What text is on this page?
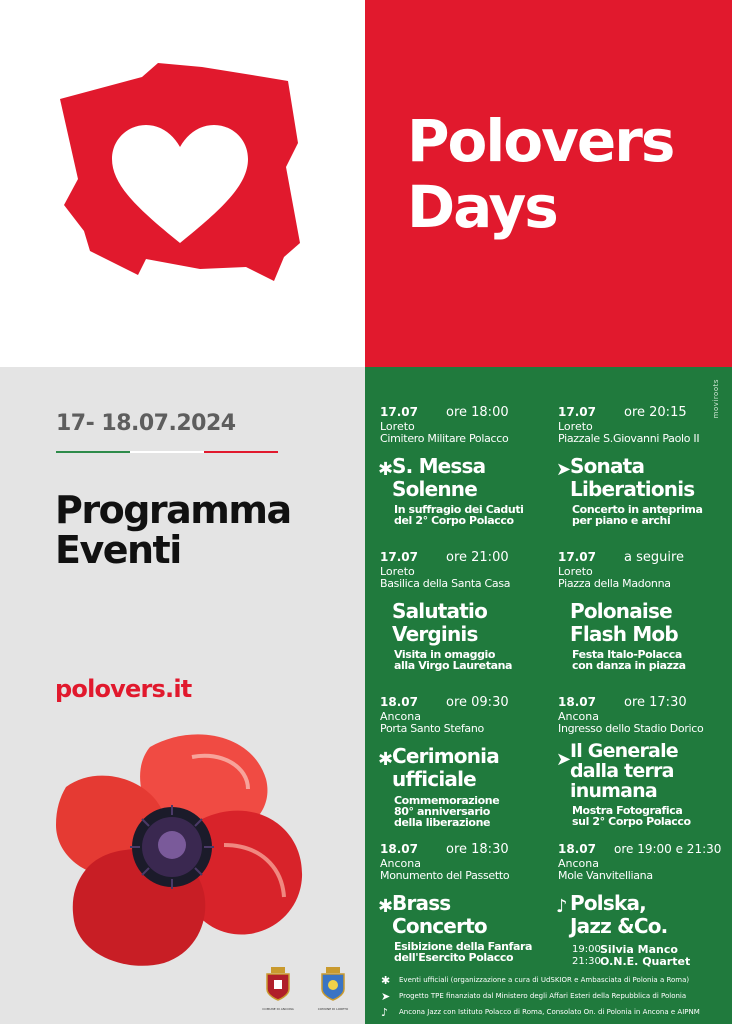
Polovers
Days
17- 18.07.2024
Programma
Eventi
polovers.it
COMUNE DI ANCONA	COMUNE DI LORETO
moviroots
17.07 ore 18:00
Loreto
Cimitero Militare Polacco
✱
S. Messa
Solenne
In suffragio dei Caduti
del 2° Corpo Polacco
17.07 ore 20:15
Loreto
Piazzale S.Giovanni Paolo II
➤
Sonata
Liberationis
Concerto in anteprima
per piano e archi
17.07 ore 21:00
Loreto
Basilica della Santa Casa
Salutatio
Verginis
Visita in omaggio
alla Virgo Lauretana
17.07 a seguire
Loreto
Piazza della Madonna
Polonaise
Flash Mob
Festa Italo-Polacca
con danza in piazza
18.07 ore 09:30
Ancona
Porta Santo Stefano
✱
Cerimonia
ufficiale
Commemorazione
80° anniversario
della liberazione
18.07 ore 17:30
Ancona
Ingresso dello Stadio Dorico
➤
Il Generale
dalla terra
inumana
Mostra Fotografica
sul 2° Corpo Polacco
18.07 ore 18:30
Ancona
Monumento del Passetto
✱
Brass
Concerto
Esibizione della Fanfara
dell'Esercito Polacco
18.07 ore 19:00 e 21:30
Ancona
Mole Vanvitelliana
♪ Polska,
Jazz &Co.
19:00
21:30
Silvia Manco
O.N.E. Quartet
✱ Eventi ufficiali (organizzazione a cura di UdSKIOR e Ambasciata di Polonia a Roma)
➤ Progetto TPE finanziato dal Ministero degli Affari Esteri della Repubblica di Polonia
♪ Ancona Jazz con Istituto Polacco di Roma, Consolato On. di Polonia in Ancona e AIPNM
